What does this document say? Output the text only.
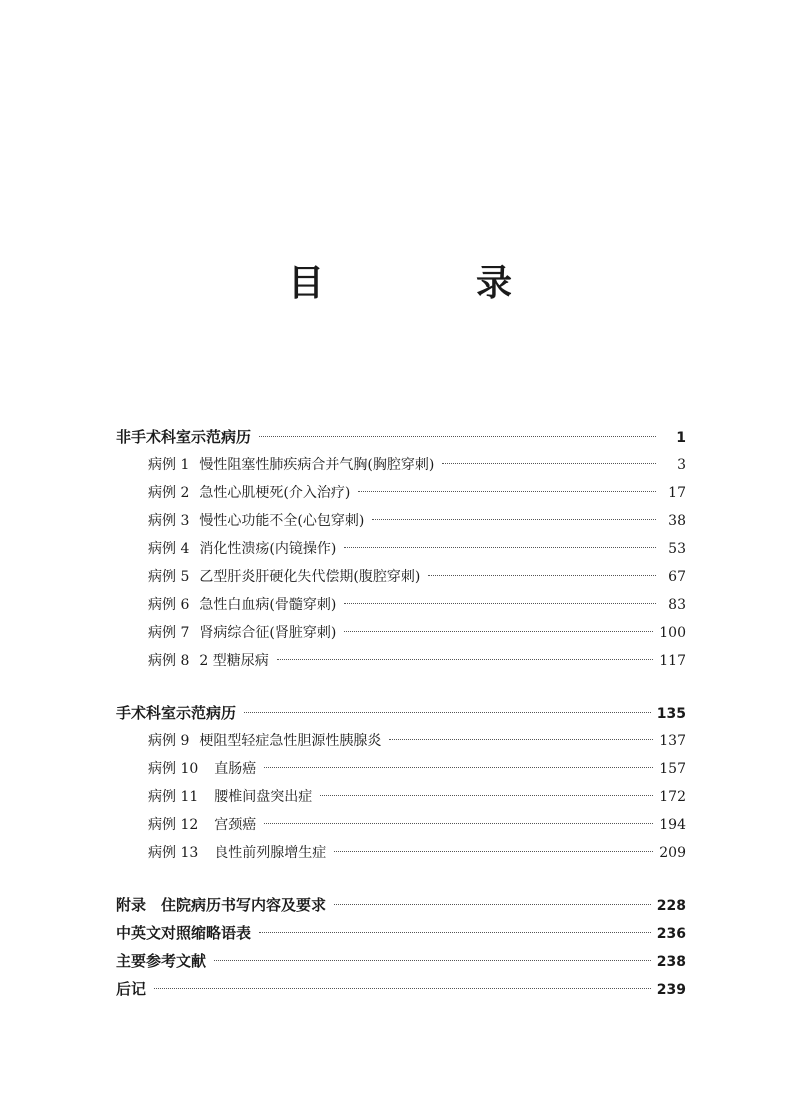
目　录
非手术科室示范病历	1
病例 1 慢性阻塞性肺疾病合并气胸(胸腔穿刺)	3
病例 2 急性心肌梗死(介入治疗)	17
病例 3 慢性心功能不全(心包穿刺)	38
病例 4 消化性溃疡(内镜操作)	53
病例 5 乙型肝炎肝硬化失代偿期(腹腔穿刺)	67
病例 6 急性白血病(骨髓穿刺)	83
病例 7 肾病综合征(肾脏穿刺)	100
病例 8 2 型糖尿病	117
手术科室示范病历	135
病例 9 梗阻型轻症急性胆源性胰腺炎	137
病例 10 直肠癌	157
病例 11 腰椎间盘突出症	172
病例 12 宫颈癌	194
病例 13 良性前列腺增生症	209
附录　住院病历书写内容及要求	228
中英文对照缩略语表	236
主要参考文献	238
后记	239
